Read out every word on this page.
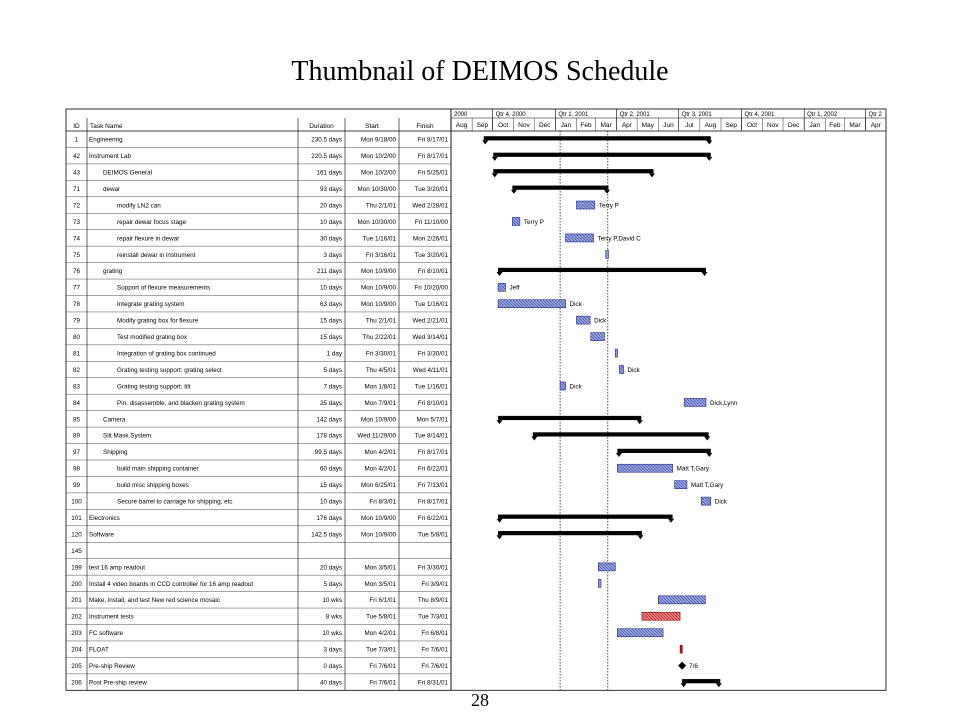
Thumbnail of DEIMOS Schedule
Aug Sep Oct Nov Dec Jan Feb Mar Apr May Jun Jul Aug Sep Oct Nov Dec Jan Feb Mar Apr
2000	Qtr 4, 2000	Qtr 1, 2001	Qtr 2, 2001	Qtr 3, 2001	Qtr 4, 2001	Qtr 1, 2002	Qtr 2
ID Task Name	Duration	Start	Finish
1 Engineering	230.5 days	Mon 9/18/00	Fri 8/17/01
42 Instrument Lab	220.5 days	Mon 10/2/00	Fri 8/17/01
43	DEIMOS General	161 days	Mon 10/2/00	Fri 5/25/01
71	dewar	93 days Mon 10/30/00	Tue 3/20/01
72	modify LN2 can	20 days	Thu 2/1/01	Wed 2/28/01
73	repair dewar focus stage	10 days Mon 10/30/00	Fri 11/10/00
74	repair flexure in dewar	30 days	Tue 1/16/01	Mon 2/26/01
75	reinstall dewar in instrument	3 days	Fri 3/16/01	Tue 3/20/01
76	grating	211 days	Mon 10/9/00	Fri 8/10/01
77	Support of flexure measurements	10 days	Mon 10/9/00	Fri 10/20/00
78	Integrate grating system	63 days	Mon 10/9/00	Tue 1/16/01
79	Modify grating box for flexure	15 days	Thu 2/1/01	Wed 2/21/01
80	Test modified grating box	15 days	Thu 2/22/01	Wed 3/14/01
81	Integration of grating box continued	1 day	Fri 3/30/01	Fri 3/30/01
82	Grating testing support: grating select	5 days	Thu 4/5/01	Wed 4/11/01
83	Grating testing support: tilt	7 days	Mon 1/8/01	Tue 1/16/01
84	Pin, disassemble, and blacken grating system	25 days	Mon 7/9/01	Fri 8/10/01
85	Camera	142 days	Mon 10/9/00	Mon 5/7/01
89	Slit Mask System	178 days Wed 11/29/00	Tue 8/14/01
97	Shipping	99.5 days	Mon 4/2/01	Fri 8/17/01
98	build main shipping container	60 days	Mon 4/2/01	Fri 6/22/01
99	build misc shipping boxes	15 days	Mon 6/25/01	Fri 7/13/01
100	Secure barrel to carriage for shipping, etc	10 days	Fri 8/3/01	Fri 8/17/01
101 Electronics	176 days	Mon 10/9/00	Fri 6/22/01
120 Software	142.5 days	Mon 10/9/00	Tue 5/8/01
145
199 test 16 amp readout	20 days	Mon 3/5/01	Fri 3/30/01
200 Install 4 video boards in CCD controller for 16 amp readout	5 days	Mon 3/5/01	Fri 3/9/01
201 Make, install, and test New red science mosaic	10 wks	Fri 6/1/01	Thu 8/9/01
202 Instrument tests	8 wks	Tue 5/8/01	Tue 7/3/01
203 FC software	10 wks	Mon 4/2/01	Fri 6/8/01
204 FLOAT	3 days	Tue 7/3/01	Fri 7/6/01
205 Pre-ship Review	0 days	Fri 7/6/01	Fri 7/6/01
206 Post Pre-ship review	40 days	Fri 7/6/01	Fri 8/31/01
Terry P
Terry P
Terry P,David C
Jeff
Dick
Dick
Dick
Dick
Dick,Lynn
Matt T,Gary
Matt T,Gary
Dick
7/6
28
